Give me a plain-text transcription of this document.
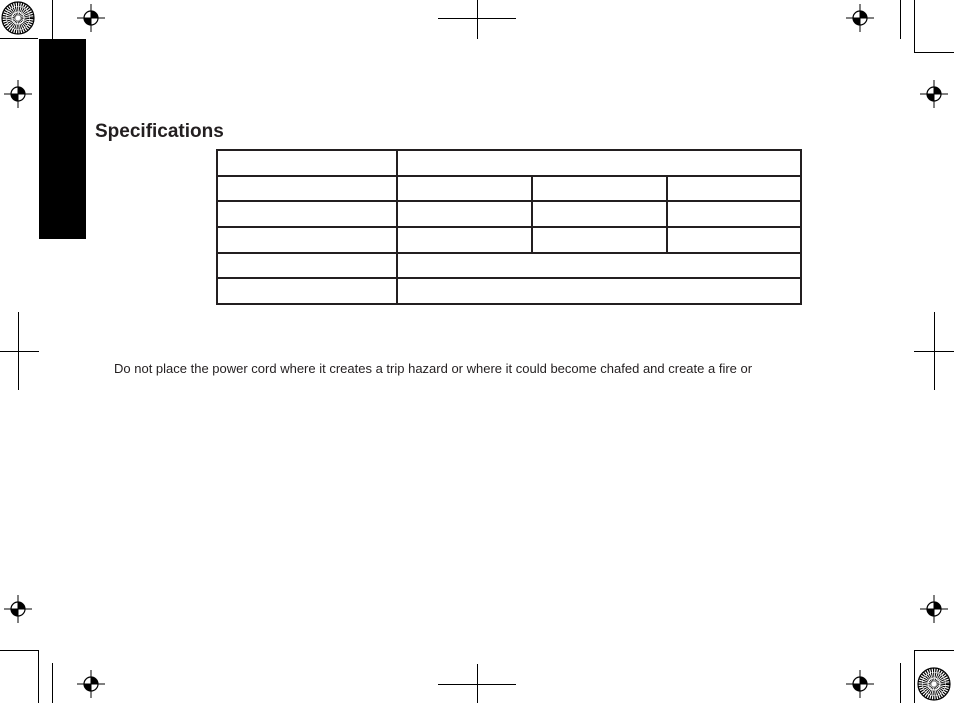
Specifications

Do not place the power cord where it creates a trip hazard or where it could become chafed and create a fire or
